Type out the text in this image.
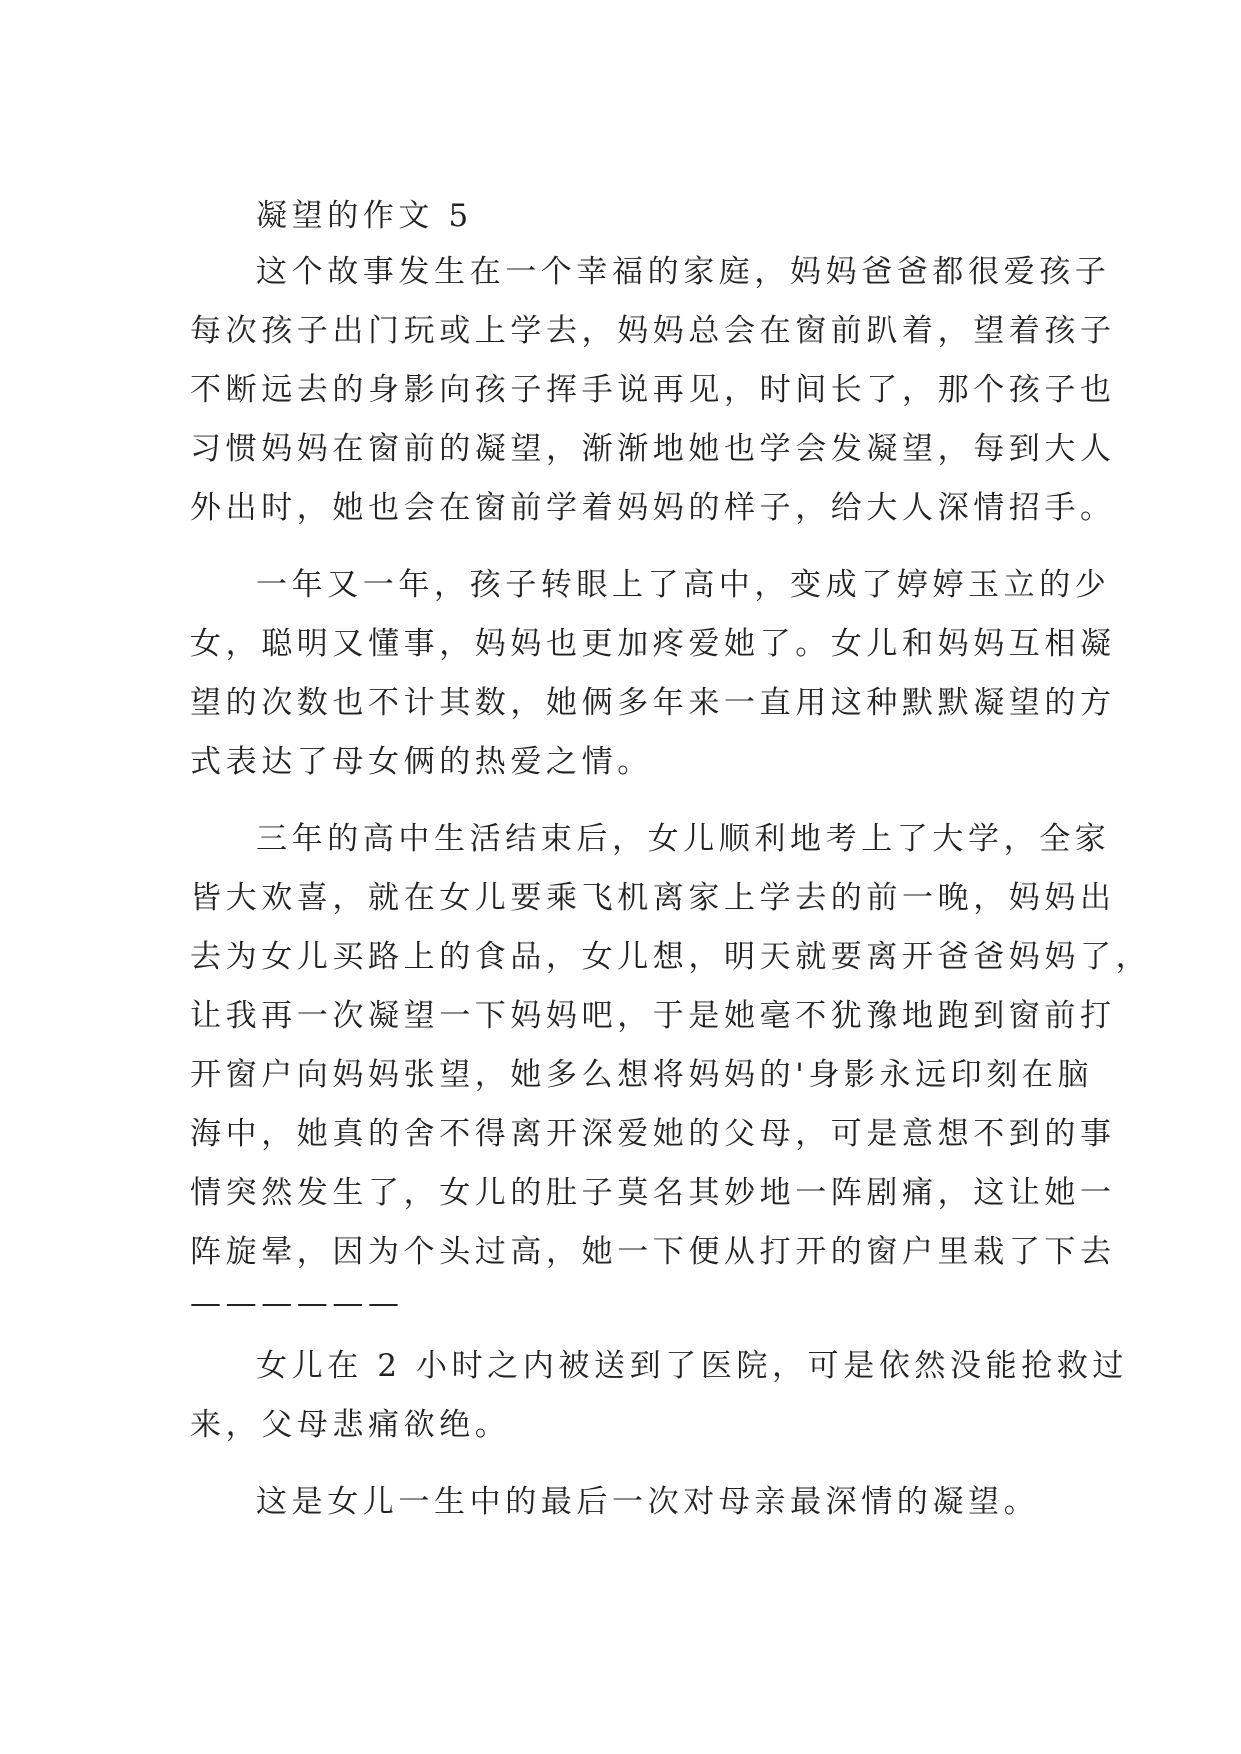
凝望的作文 5
这个故事发生在一个幸福的家庭，妈妈爸爸都很爱孩子
每次孩子出门玩或上学去，妈妈总会在窗前趴着，望着孩子
不断远去的身影向孩子挥手说再见，时间长了，那个孩子也
习惯妈妈在窗前的凝望，渐渐地她也学会发凝望，每到大人
外出时，她也会在窗前学着妈妈的样子，给大人深情招手。
一年又一年，孩子转眼上了高中，变成了婷婷玉立的少
女，聪明又懂事，妈妈也更加疼爱她了。女儿和妈妈互相凝
望的次数也不计其数，她俩多年来一直用这种默默凝望的方
式表达了母女俩的热爱之情。
三年的高中生活结束后，女儿顺利地考上了大学，全家
皆大欢喜，就在女儿要乘飞机离家上学去的前一晚，妈妈出
去为女儿买路上的食品，女儿想，明天就要离开爸爸妈妈了，
让我再一次凝望一下妈妈吧，于是她毫不犹豫地跑到窗前打
开窗户向妈妈张望，她多么想将妈妈的'身影永远印刻在脑
海中，她真的舍不得离开深爱她的父母，可是意想不到的事
情突然发生了，女儿的肚子莫名其妙地一阵剧痛，这让她一
阵旋晕，因为个头过高，她一下便从打开的窗户里栽了下去
——————
女儿在 2 小时之内被送到了医院，可是依然没能抢救过
来，父母悲痛欲绝。
这是女儿一生中的最后一次对母亲最深情的凝望。
